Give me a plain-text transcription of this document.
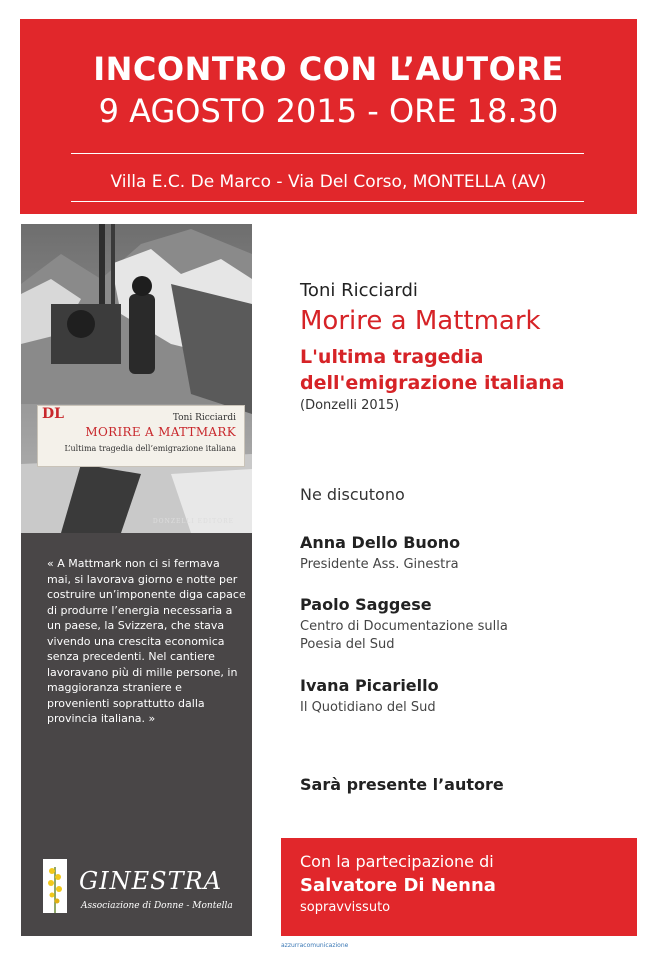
INCONTRO CON L’AUTORE
9 AGOSTO 2015 - ORE 18.30
Villa E.C. De Marco - Via Del Corso, MONTELLA (AV)
DL	Toni Ricciardi
MORIRE A MATTMARK
L’ultima tragedia dell’emigrazione italiana
DONZELLI EDITORE
« A Mattmark non ci si fermava mai, si lavorava giorno e notte per costruire un’imponente diga capace di produrre l’energia necessaria a un paese, la Svizzera, che stava vivendo una crescita economica senza precedenti. Nel cantiere lavoravano più di mille persone, in maggioranza straniere e provenienti soprattutto dalla provincia italiana. »
GINESTRA
Associazione di Donne - Montella
Toni Ricciardi
Morire a Mattmark
L'ultima tragedia dell'emigrazione italiana
(Donzelli 2015)
Ne discutono
Anna Dello Buono
Presidente Ass. Ginestra
Paolo Saggese
Centro di Documentazione sulla Poesia del Sud
Ivana Picariello
Il Quotidiano del Sud
Sarà presente l’autore
Con la partecipazione di
Salvatore Di Nenna
sopravvissuto
azzurracomunicazione
